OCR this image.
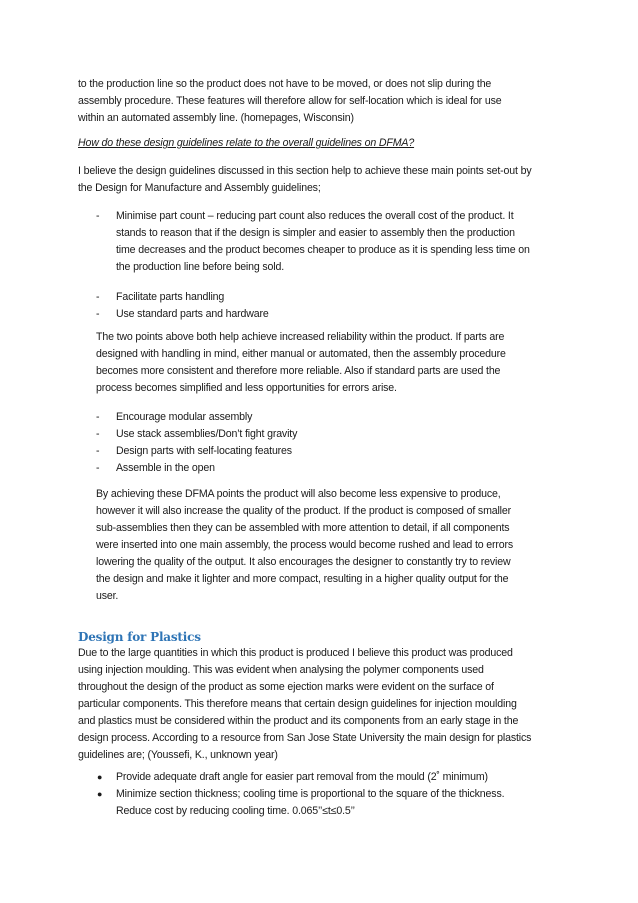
to the production line so the product does not have to be moved, or does not slip during the
assembly procedure. These features will therefore allow for self-location which is ideal for use
within an automated assembly line. (homepages, Wisconsin)
How do these design guidelines relate to the overall guidelines on DFMA?
I believe the design guidelines discussed in this section help to achieve these main points set-out by
the Design for Manufacture and Assembly guidelines;
- Minimise part count – reducing part count also reduces the overall cost of the product. It
stands to reason that if the design is simpler and easier to assembly then the production
time decreases and the product becomes cheaper to produce as it is spending less time on
the production line before being sold.
- Facilitate parts handling
- Use standard parts and hardware
The two points above both help achieve increased reliability within the product. If parts are
designed with handling in mind, either manual or automated, then the assembly procedure
becomes more consistent and therefore more reliable. Also if standard parts are used the
process becomes simplified and less opportunities for errors arise.
- Encourage modular assembly
- Use stack assemblies/Don’t fight gravity
- Design parts with self-locating features
- Assemble in the open
By achieving these DFMA points the product will also become less expensive to produce,
however it will also increase the quality of the product. If the product is composed of smaller
sub-assemblies then they can be assembled with more attention to detail, if all components
were inserted into one main assembly, the process would become rushed and lead to errors
lowering the quality of the output. It also encourages the designer to constantly try to review
the design and make it lighter and more compact, resulting in a higher quality output for the
user.
Design for Plastics
Due to the large quantities in which this product is produced I believe this product was produced
using injection moulding. This was evident when analysing the polymer components used
throughout the design of the product as some ejection marks were evident on the surface of
particular components. This therefore means that certain design guidelines for injection moulding
and plastics must be considered within the product and its components from an early stage in the
design process. According to a resource from San Jose State University the main design for plastics
guidelines are; (Youssefi, K., unknown year)
● Provide adequate draft angle for easier part removal from the mould (2˚ minimum)
● Minimize section thickness; cooling time is proportional to the square of the thickness.
Reduce cost by reducing cooling time. 0.065’’≤t≤0.5’’
